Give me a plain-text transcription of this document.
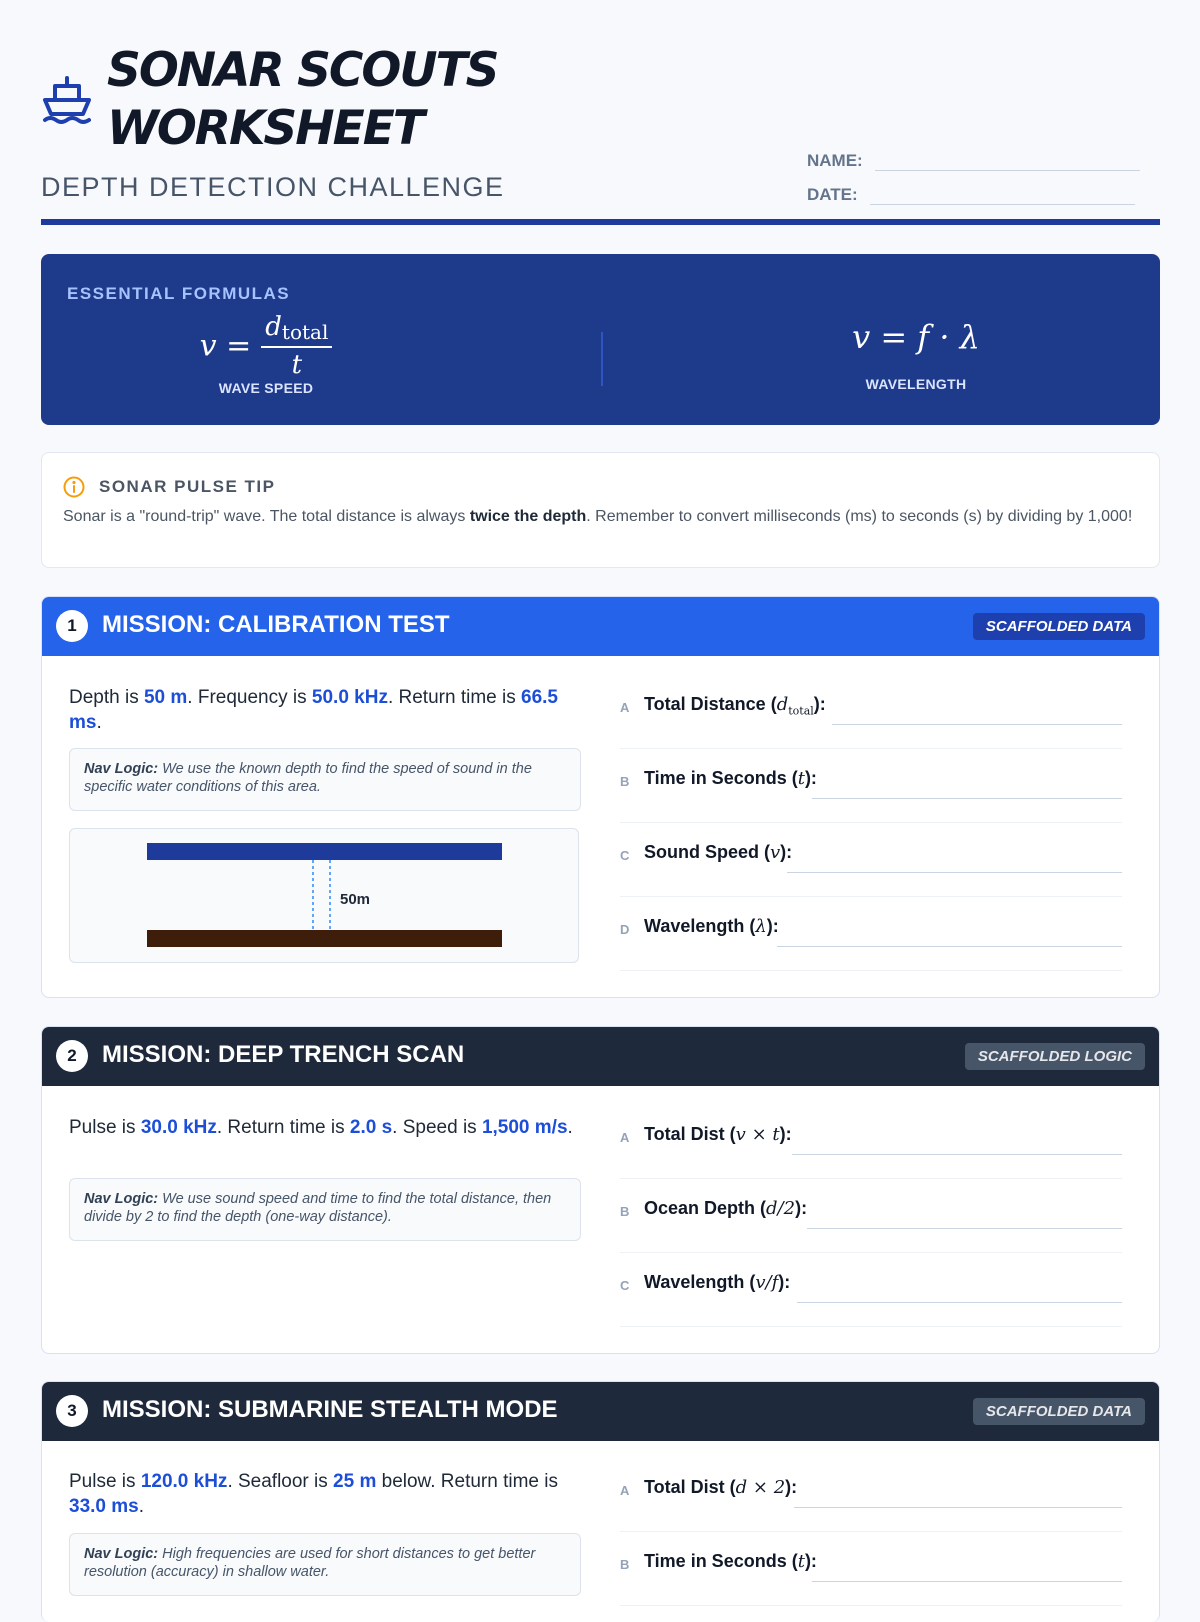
SONAR SCOUTS WORKSHEET
DEPTH DETECTION CHALLENGE
NAME:
DATE:
ESSENTIAL FORMULAS
$v = \frac{d_{total}}{t}$
WAVE SPEED
v = f · λ
WAVELENGTH
SONAR PULSE TIP

Sonar is a "round-trip" wave. The total distance is always twice the depth. Remember to convert milliseconds (ms) to seconds (s) by dividing by 1,000!

1	MISSION: CALIBRATION TEST	SCAFFOLDED DATA

Depth is 50 m. Frequency is 50.0 kHz. Return time is 66.5 ms.

Nav Logic: We use the known depth to find the speed of sound in the specific water conditions of this area.
50m
A Total Distance $(d_{total})$:
B Time in Seconds (t):
C Sound Speed (v):
D Wavelength (λ):
2	MISSION: DEEP TRENCH SCAN	SCAFFOLDED LOGIC

Pulse is 30.0 kHz. Return time is 2.0 s. Speed is 1,500 m/s.

Nav Logic: We use sound speed and time to find the total distance, then divide by 2 to find the depth (one-way distance).
A Total Dist (v × t):
B Ocean Depth (d/2):
C Wavelength (v/f):
3	MISSION: SUBMARINE STEALTH MODE	SCAFFOLDED DATA

Pulse is 120.0 kHz. Seafloor is 25 m below. Return time is 33.0 ms.

Nav Logic: High frequencies are used for short distances to get better resolution (accuracy) in shallow water.
A Total Dist (d × 2):
B Time in Seconds (t):
